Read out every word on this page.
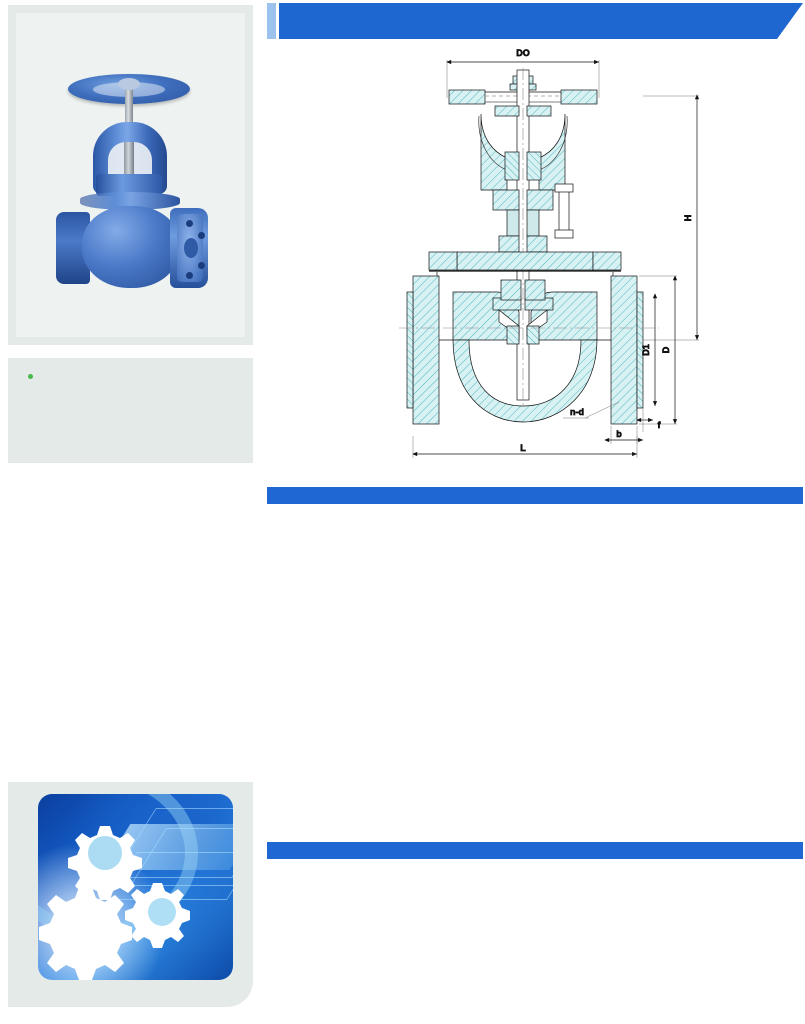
DO
H
D
D1
L
b
f
n-d
